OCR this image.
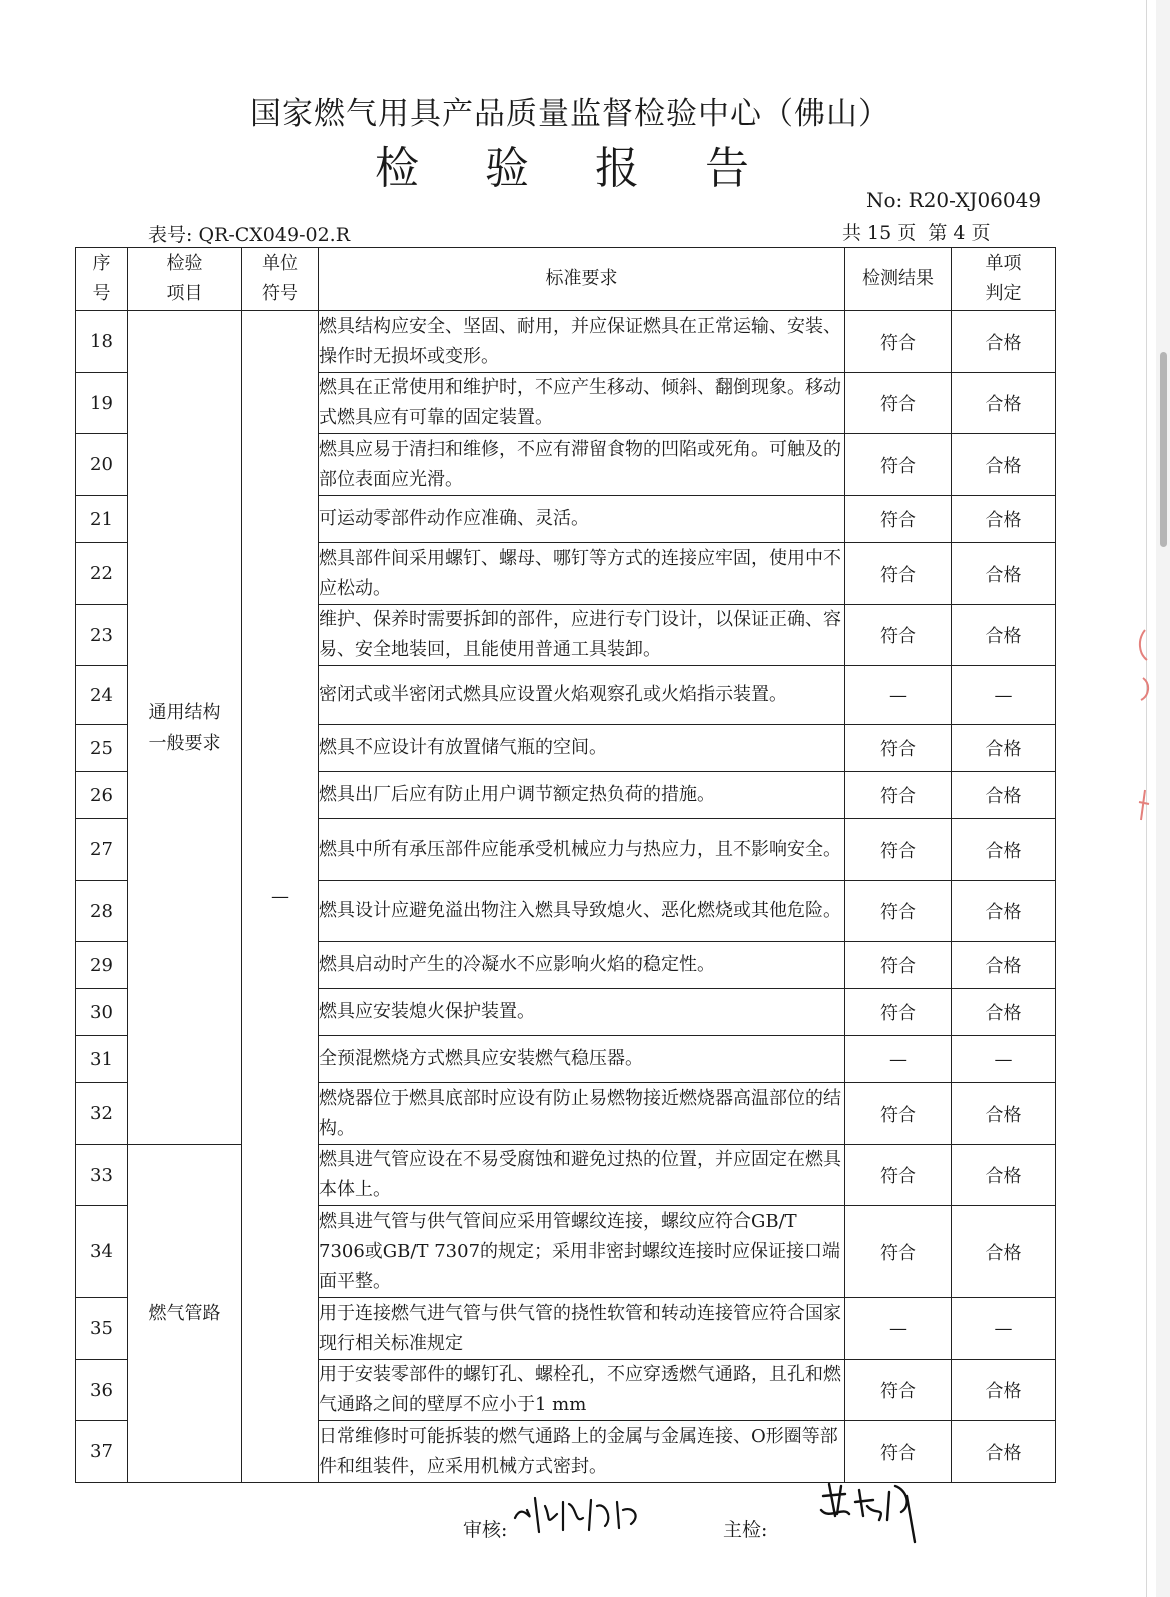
国家燃气用具产品质量监督检验中心（佛山）
检 验 报 告
No: R20-XJ06049
表号: QR-CX049-02.R	共 15 页 第 4 页
序号	检验项目	单位符号	标准要求	检测结果	单项判定

18	通用结构一般要求	—	燃具结构应安全、坚固、耐用，并应保证燃具在正常运输、安装、操作时无损坏或变形。	符合	合格
19			燃具在正常使用和维护时，不应产生移动、倾斜、翻倒现象。移动式燃具应有可靠的固定装置。	符合	合格
20			燃具应易于清扫和维修，不应有滞留食物的凹陷或死角。可触及的部位表面应光滑。	符合	合格
21			可运动零部件动作应准确、灵活。	符合	合格
22			燃具部件间采用螺钉、螺母、哪钉等方式的连接应牢固，使用中不应松动。	符合	合格
23			维护、保养时需要拆卸的部件，应进行专门设计，以保证正确、容易、安全地装回，且能使用普通工具装卸。	符合	合格
24			密闭式或半密闭式燃具应设置火焰观察孔或火焰指示装置。	—	—
25			燃具不应设计有放置储气瓶的空间。	符合	合格
26			燃具出厂后应有防止用户调节额定热负荷的措施。	符合	合格
27			燃具中所有承压部件应能承受机械应力与热应力，且不影响安全。	符合	合格
28			燃具设计应避免溢出物注入燃具导致熄火、恶化燃烧或其他危险。	符合	合格
29			燃具启动时产生的冷凝水不应影响火焰的稳定性。	符合	合格
30			燃具应安装熄火保护装置。	符合	合格
31			全预混燃烧方式燃具应安装燃气稳压器。	—	—
32			燃烧器位于燃具底部时应设有防止易燃物接近燃烧器高温部位的结构。	符合	合格
33	燃气管路		燃具进气管应设在不易受腐蚀和避免过热的位置，并应固定在燃具本体上。	符合	合格
34			燃具进气管与供气管间应采用管螺纹连接，螺纹应符合GB/T 7306或GB/T 7307的规定；采用非密封螺纹连接时应保证接口端面平整。	符合	合格
35			用于连接燃气进气管与供气管的挠性软管和转动连接管应符合国家现行相关标准规定	—	—
36			用于安装零部件的螺钉孔、螺栓孔，不应穿透燃气通路，且孔和燃气通路之间的壁厚不应小于1 mm	符合	合格
37			日常维修时可能拆装的燃气通路上的金属与金属连接、O形圈等部件和组装件，应采用机械方式密封。	符合	合格
审核:	主检:
